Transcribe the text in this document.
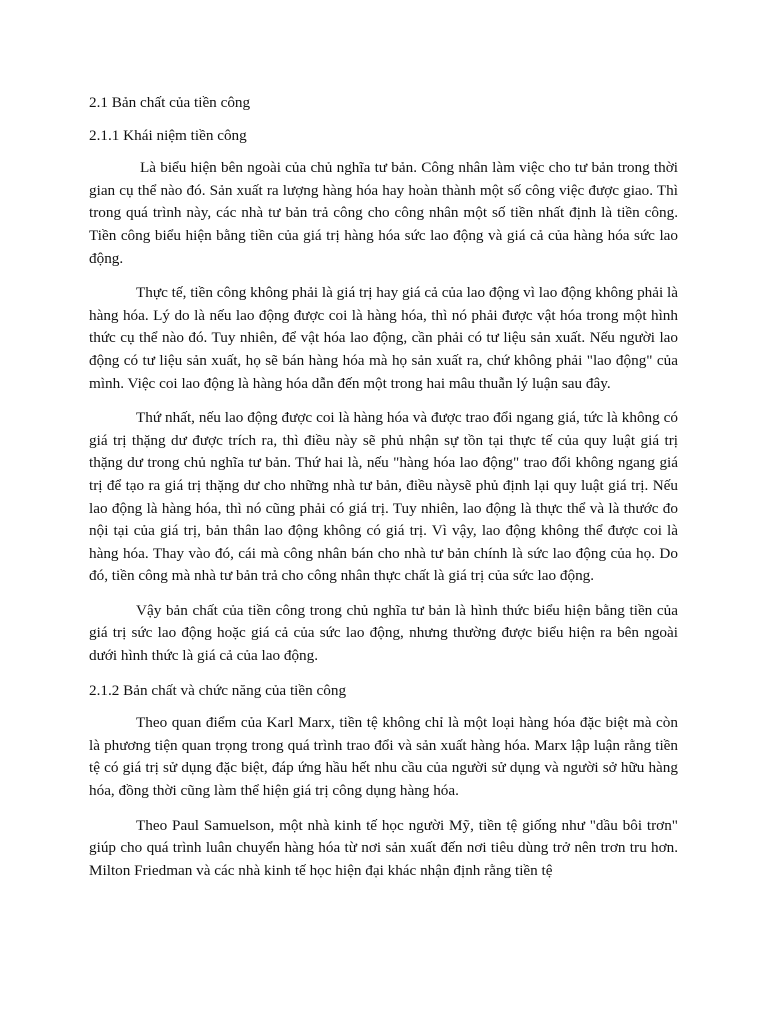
2.1 Bản chất của tiền công
2.1.1 Khái niệm tiền công

Là biểu hiện bên ngoài của chủ nghĩa tư bản. Công nhân làm việc cho tư bản trong thời gian cụ thể nào đó. Sản xuất ra lượng hàng hóa hay hoàn thành một số công việc được giao. Thì trong quá trình này, các nhà tư bản trả công cho công nhân một số tiền nhất định là tiền công. Tiền công biểu hiện bằng tiền của giá trị hàng hóa sức lao động và giá cả của hàng hóa sức lao động.

Thực tế, tiền công không phải là giá trị hay giá cả của lao động vì lao động không phải là hàng hóa. Lý do là nếu lao động được coi là hàng hóa, thì nó phải được vật hóa trong một hình thức cụ thể nào đó. Tuy nhiên, để vật hóa lao động, cần phải có tư liệu sản xuất. Nếu người lao động có tư liệu sản xuất, họ sẽ bán hàng hóa mà họ sản xuất ra, chứ không phải "lao động" của mình. Việc coi lao động là hàng hóa dẫn đến một trong hai mâu thuẫn lý luận sau đây.

Thứ nhất, nếu lao động được coi là hàng hóa và được trao đổi ngang giá, tức là không có giá trị thặng dư được trích ra, thì điều này sẽ phủ nhận sự tồn tại thực tế của quy luật giá trị thặng dư trong chủ nghĩa tư bản. Thứ hai là, nếu "hàng hóa lao động" trao đổi không ngang giá trị để tạo ra giá trị thặng dư cho những nhà tư bản, điều nàysẽ phủ định lại quy luật giá trị. Nếu lao động là hàng hóa, thì nó cũng phải có giá trị. Tuy nhiên, lao động là thực thể và là thước đo nội tại của giá trị, bản thân lao động không có giá trị. Vì vậy, lao động không thể được coi là hàng hóa. Thay vào đó, cái mà công nhân bán cho nhà tư bản chính là sức lao động của họ. Do đó, tiền công mà nhà tư bản trả cho công nhân thực chất là giá trị của sức lao động.

Vậy bản chất của tiền công trong chủ nghĩa tư bản là hình thức biểu hiện bằng tiền của giá trị sức lao động hoặc giá cả của sức lao động, nhưng thường được biểu hiện ra bên ngoài dưới hình thức là giá cả của lao động.

2.1.2 Bản chất và chức năng của tiền công

Theo quan điểm của Karl Marx, tiền tệ không chỉ là một loại hàng hóa đặc biệt mà còn là phương tiện quan trọng trong quá trình trao đổi và sản xuất hàng hóa. Marx lập luận rằng tiền tệ có giá trị sử dụng đặc biệt, đáp ứng hầu hết nhu cầu của người sử dụng và người sở hữu hàng hóa, đồng thời cũng làm thể hiện giá trị công dụng hàng hóa.

Theo Paul Samuelson, một nhà kinh tế học người Mỹ, tiền tệ giống như "dầu bôi trơn" giúp cho quá trình luân chuyển hàng hóa từ nơi sản xuất đến nơi tiêu dùng trở nên trơn tru hơn. Milton Friedman và các nhà kinh tế học hiện đại khác nhận định rằng tiền tệ
